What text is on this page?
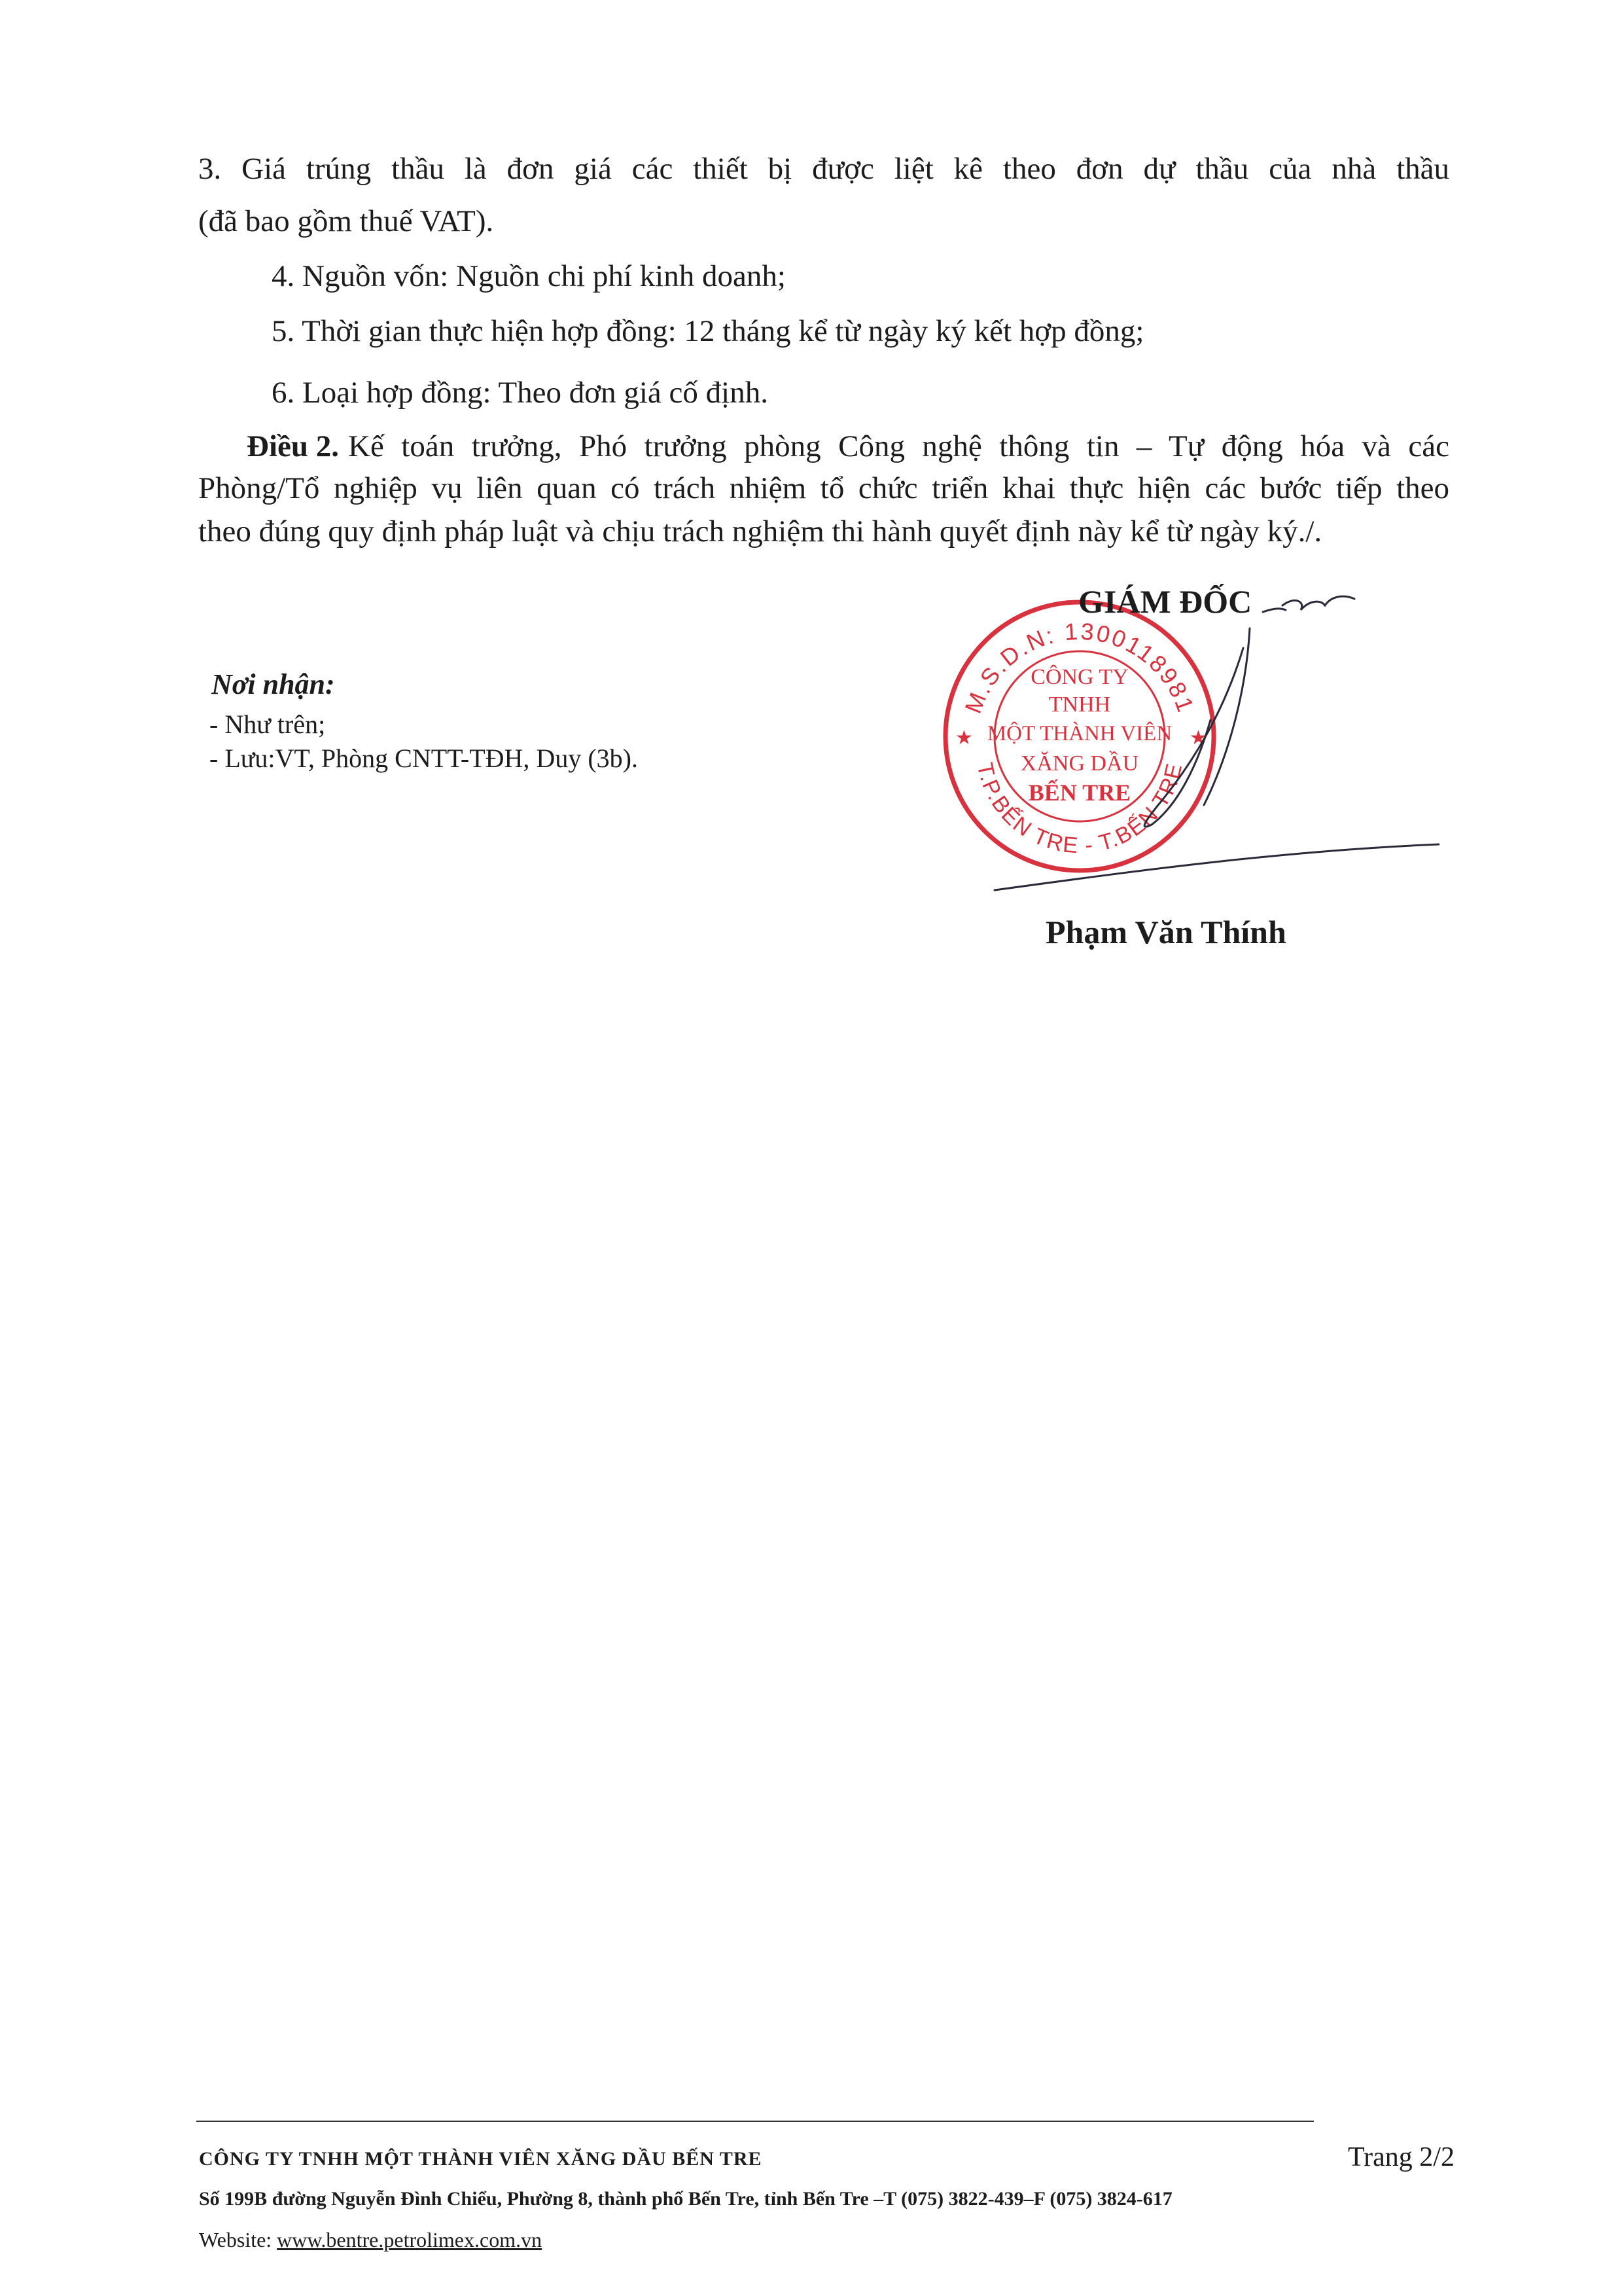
3. Giá trúng thầu là đơn giá các thiết bị được liệt kê theo đơn dự thầu của nhà thầu
(đã bao gồm thuế VAT).
4. Nguồn vốn: Nguồn chi phí kinh doanh;
5. Thời gian thực hiện hợp đồng: 12 tháng kể từ ngày ký kết hợp đồng;
6. Loại hợp đồng: Theo đơn giá cố định.
Điều 2. Kế toán trưởng, Phó trưởng phòng Công nghệ thông tin – Tự động hóa và các
Phòng/Tổ nghiệp vụ liên quan có trách nhiệm tổ chức triển khai thực hiện các bước tiếp theo
theo đúng quy định pháp luật và chịu trách nghiệm thi hành quyết định này kể từ ngày ký./.
Nơi nhận:
- Như trên;
- Lưu:VT, Phòng CNTT-TĐH, Duy (3b).
M.S.D.N: 1300118981
T.P.BẾN TRE - T.BẾN TRE
★	★
CÔNG TY
TNHH
MỘT THÀNH VIÊN
XĂNG DẦU
BẾN TRE
GIÁM ĐỐC
Phạm Văn Thính
CÔNG TY TNHH MỘT THÀNH VIÊN XĂNG DẦU BẾN TRE	Trang 2/2
Số 199B đường Nguyễn Đình Chiểu, Phường 8, thành phố Bến Tre, tỉnh Bến Tre –T (075) 3822-439–F (075) 3824-617
Website: www.bentre.petrolimex.com.vn
